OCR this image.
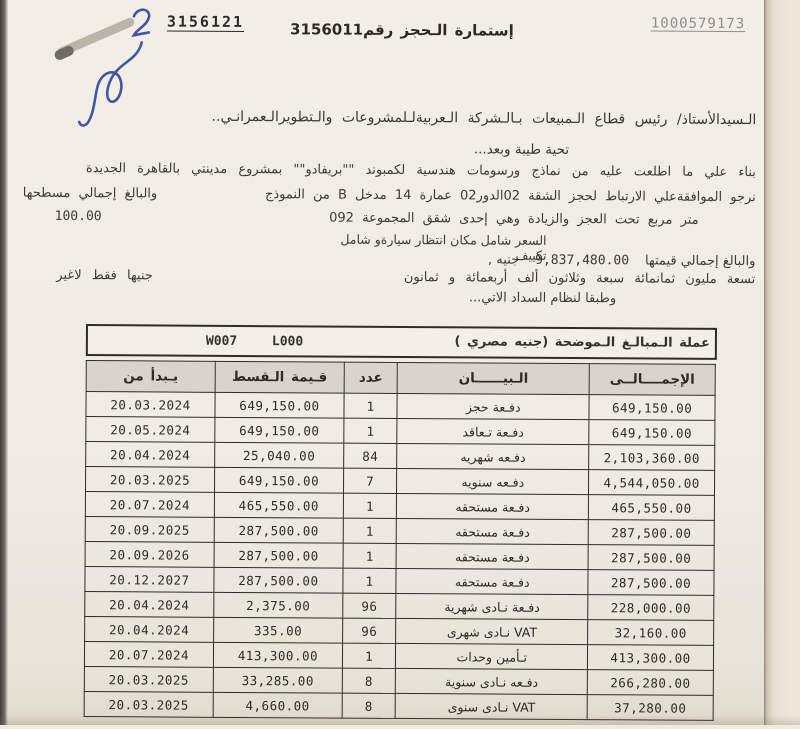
1000579173
إستمارة الـحجز رقم3156011
3156121
الـسيدالأستاذ/ رئيس قطاع الـمبيعات بـالـشركة الـعربيةلـلمشروعات والـتطويرالـعمرانـي..
تحية طيبة وبعد...
بناء علي ما اطلعت عليه من نماذج ورسومات هندسية لكمبوند ""بريفادو"" بمشروع مدينتي بالقاهرة الجديدة
نرجو الموافقةعلي الارتباط لحجز الشقة 02الدور02 عمارة 14 مدخل B من النموذج
والبالغ إجمالي مسطحها
متر مربع تحت العجز والزيادة وهي إحدى شقق المجموعة 092
100.00
السعر شامل مكان انتظار سيارةو شامل تكييف	والبالغ إجمالي قيمتها
9,837,480.00
جنيه ,
تسعة مليون ثمانمائة سبعة وثلاثون ألف أربعمائة و ثمانون
جنيها فقط لاغير
وطبقا لنظام السداد الاتي...
عملة الـمبالـغ الـموضحة (جنيه مصري )
W007	L000
الإجمــــالــى	الـبيــــــان	عدد	قـيمة الـقسط	يـبدأ من
649,150.00	دفـعة حجز	1	649,150.00	20.03.2024
649,150.00	دفـعة تـعاقد	1	649,150.00	20.05.2024
2,103,360.00	دفـعه شهريه	84	25,040.00	20.04.2024
4,544,050.00	دفـعه سنويه	7	649,150.00	20.03.2025
465,550.00	دفـعة مستحقه	1	465,550.00	20.07.2024
287,500.00	دفـعة مستحقه	1	287,500.00	20.09.2025
287,500.00	دفـعة مستحقه	1	287,500.00	20.09.2026
287,500.00	دفـعة مستحقه	1	287,500.00	20.12.2027
228,000.00	دفـعة نـادى شهرية	96	2,375.00	20.04.2024
32,160.00	VAT نـادى شهرى	96	335.00	20.04.2024
413,300.00	تـأمين وحدات	1	413,300.00	20.07.2024
266,280.00	دفـعه نـادى سنوية	8	33,285.00	20.03.2025
37,280.00	VAT نـادى سنوى	8	4,660.00	20.03.2025
